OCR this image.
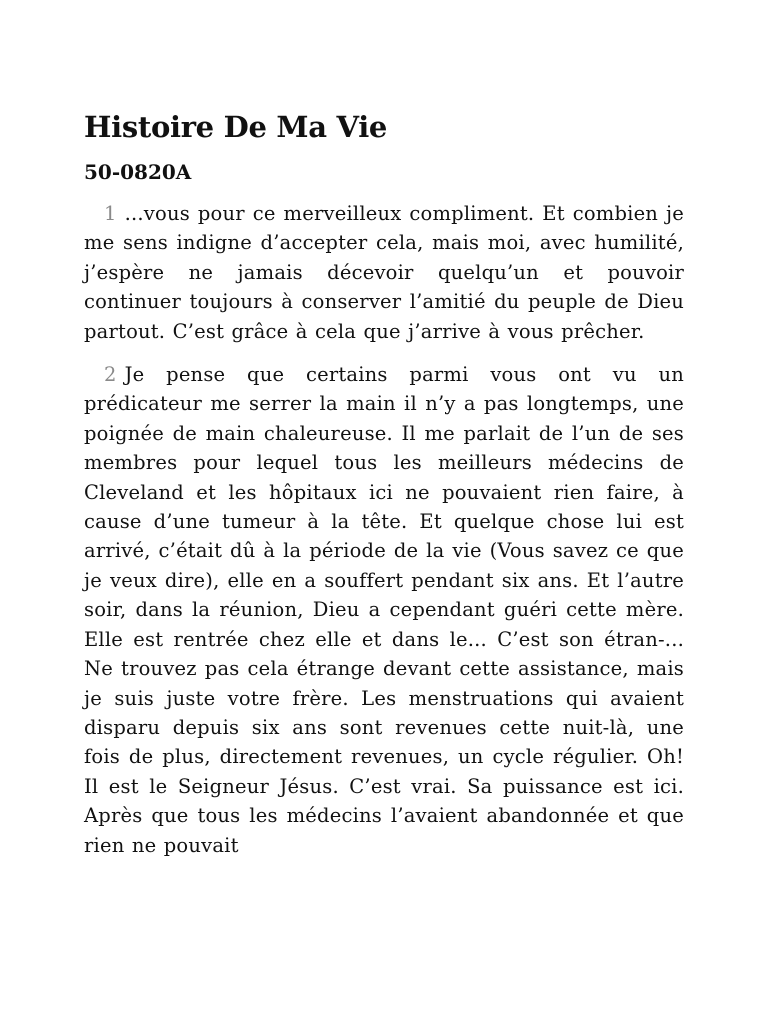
Histoire De Ma Vie
50-0820A

1 ...vous pour ce merveilleux compliment. Et combien je me sens indigne d’accepter cela, mais moi, avec humilité, j’espère ne jamais décevoir quelqu’un et pouvoir continuer toujours à conserver l’amitié du peuple de Dieu partout. C’est grâce à cela que j’arrive à vous prêcher.

2 Je pense que certains parmi vous ont vu un prédicateur me serrer la main il n’y a pas longtemps, une poignée de main chaleureuse. Il me parlait de l’un de ses membres pour lequel tous les meilleurs médecins de Cleveland et les hôpitaux ici ne pouvaient rien faire, à cause d’une tumeur à la tête. Et quelque chose lui est arrivé, c’était dû à la période de la vie (Vous savez ce que je veux dire), elle en a souffert pendant six ans. Et l’autre soir, dans la réunion, Dieu a cependant guéri cette mère. Elle est rentrée chez elle et dans le... C’est son étran-... Ne trouvez pas cela étrange devant cette assistance, mais je suis juste votre frère. Les menstruations qui avaient disparu depuis six ans sont revenues cette nuit-là, une fois de plus, directement revenues, un cycle régulier. Oh! Il est le Seigneur Jésus. C’est vrai. Sa puissance est ici. Après que tous les médecins l’avaient abandonnée et que rien ne pouvait
